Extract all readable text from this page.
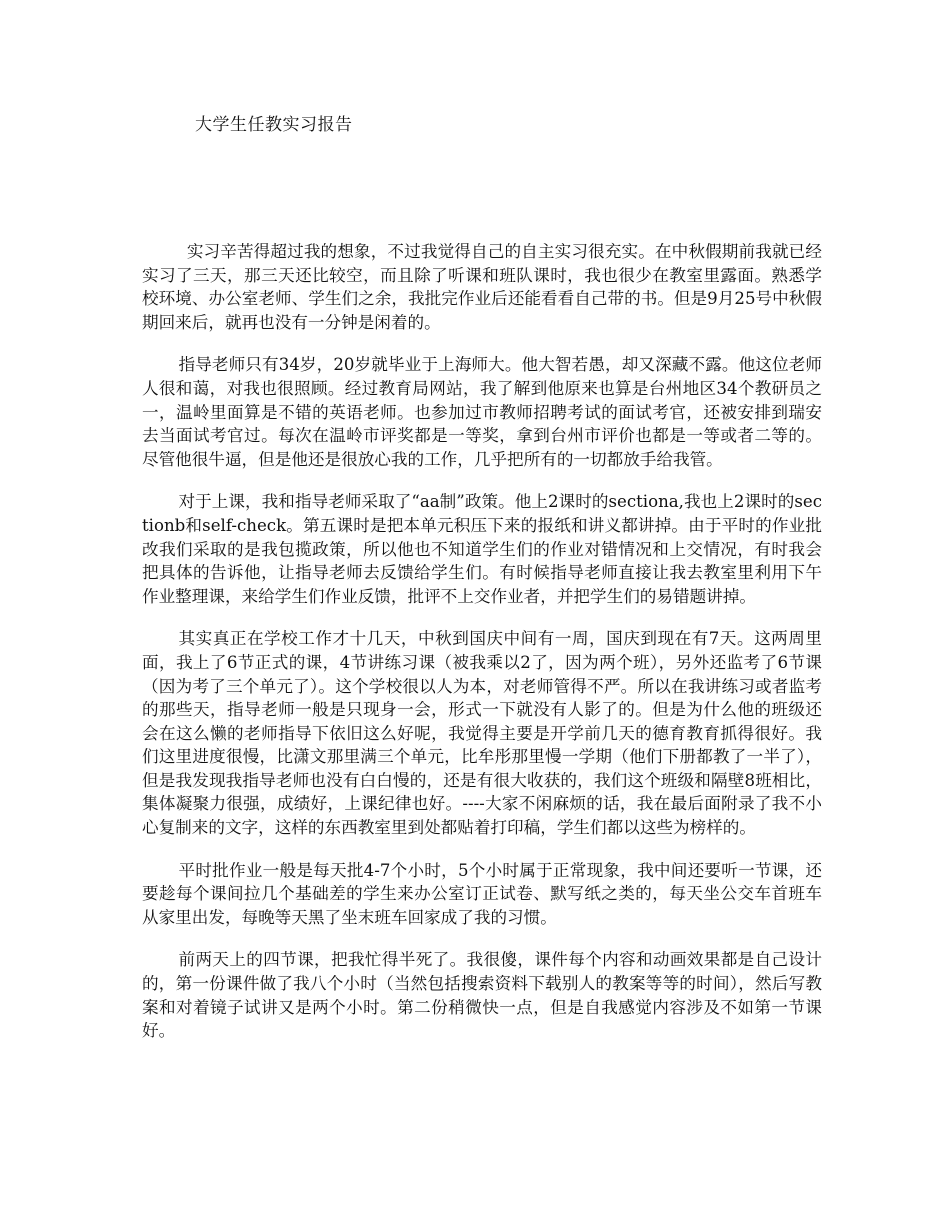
大学生任教实习报告

实习辛苦得超过我的想象，不过我觉得自己的自主实习很充实。在中秋假期前我就已经实习了三天，那三天还比较空，而且除了听课和班队课时，我也很少在教室里露面。熟悉学校环境、办公室老师、学生们之余，我批完作业后还能看看自己带的书。但是9月25号中秋假期回来后，就再也没有一分钟是闲着的。

指导老师只有34岁，20岁就毕业于上海师大。他大智若愚，却又深藏不露。他这位老师人很和蔼，对我也很照顾。经过教育局网站，我了解到他原来也算是台州地区34个教研员之一，温岭里面算是不错的英语老师。也参加过市教师招聘考试的面试考官，还被安排到瑞安去当面试考官过。每次在温岭市评奖都是一等奖，拿到台州市评价也都是一等或者二等的。尽管他很牛逼，但是他还是很放心我的工作，几乎把所有的一切都放手给我管。

对于上课，我和指导老师采取了“aa制”政策。他上2课时的sectiona,我也上2课时的sectionb和self-check。第五课时是把本单元积压下来的报纸和讲义都讲掉。由于平时的作业批改我们采取的是我包揽政策，所以他也不知道学生们的作业对错情况和上交情况，有时我会把具体的告诉他，让指导老师去反馈给学生们。有时候指导老师直接让我去教室里利用下午作业整理课，来给学生们作业反馈，批评不上交作业者，并把学生们的易错题讲掉。

其实真正在学校工作才十几天，中秋到国庆中间有一周，国庆到现在有7天。这两周里面，我上了6节正式的课，4节讲练习课（被我乘以2了，因为两个班），另外还监考了6节课（因为考了三个单元了）。这个学校很以人为本，对老师管得不严。所以在我讲练习或者监考的那些天，指导老师一般是只现身一会，形式一下就没有人影了的。但是为什么他的班级还会在这么懒的老师指导下依旧这么好呢，我觉得主要是开学前几天的德育教育抓得很好。我们这里进度很慢，比潇文那里满三个单元，比牟彤那里慢一学期（他们下册都教了一半了），但是我发现我指导老师也没有白白慢的，还是有很大收获的，我们这个班级和隔壁8班相比，集体凝聚力很强，成绩好，上课纪律也好。----大家不闲麻烦的话，我在最后面附录了我不小心复制来的文字，这样的东西教室里到处都贴着打印稿，学生们都以这些为榜样的。

平时批作业一般是每天批4-7个小时，5个小时属于正常现象，我中间还要听一节课，还要趁每个课间拉几个基础差的学生来办公室订正试卷、默写纸之类的，每天坐公交车首班车从家里出发，每晚等天黑了坐末班车回家成了我的习惯。

前两天上的四节课，把我忙得半死了。我很傻，课件每个内容和动画效果都是自己设计的，第一份课件做了我八个小时（当然包括搜索资料下载别人的教案等等的时间），然后写教案和对着镜子试讲又是两个小时。第二份稍微快一点，但是自我感觉内容涉及不如第一节课好。
